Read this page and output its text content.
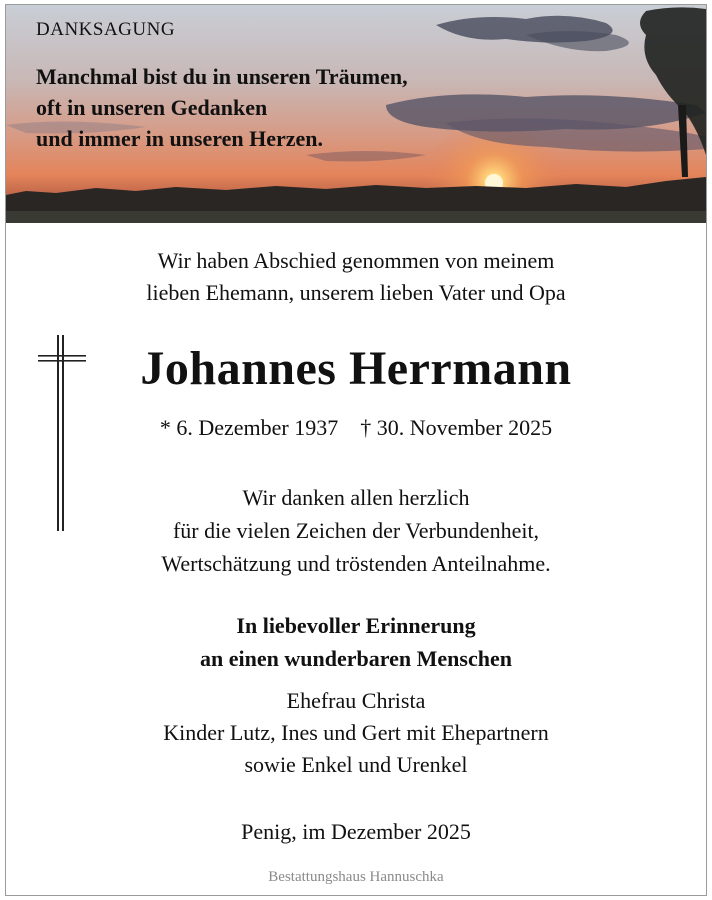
DANKSAGUNG
Manchmal bist du in unseren Träumen,
oft in unseren Gedanken
und immer in unseren Herzen.
Wir haben Abschied genommen von meinem
lieben Ehemann, unserem lieben Vater und Opa
Johannes Herrmann
* 6. Dezember 1937    † 30. November 2025
Wir danken allen herzlich
für die vielen Zeichen der Verbundenheit,
Wertschätzung und tröstenden Anteilnahme.
In liebevoller Erinnerung
an einen wunderbaren Menschen
Ehefrau Christa
Kinder Lutz, Ines und Gert mit Ehepartnern
sowie Enkel und Urenkel
Penig, im Dezember 2025
Bestattungshaus Hannuschka
